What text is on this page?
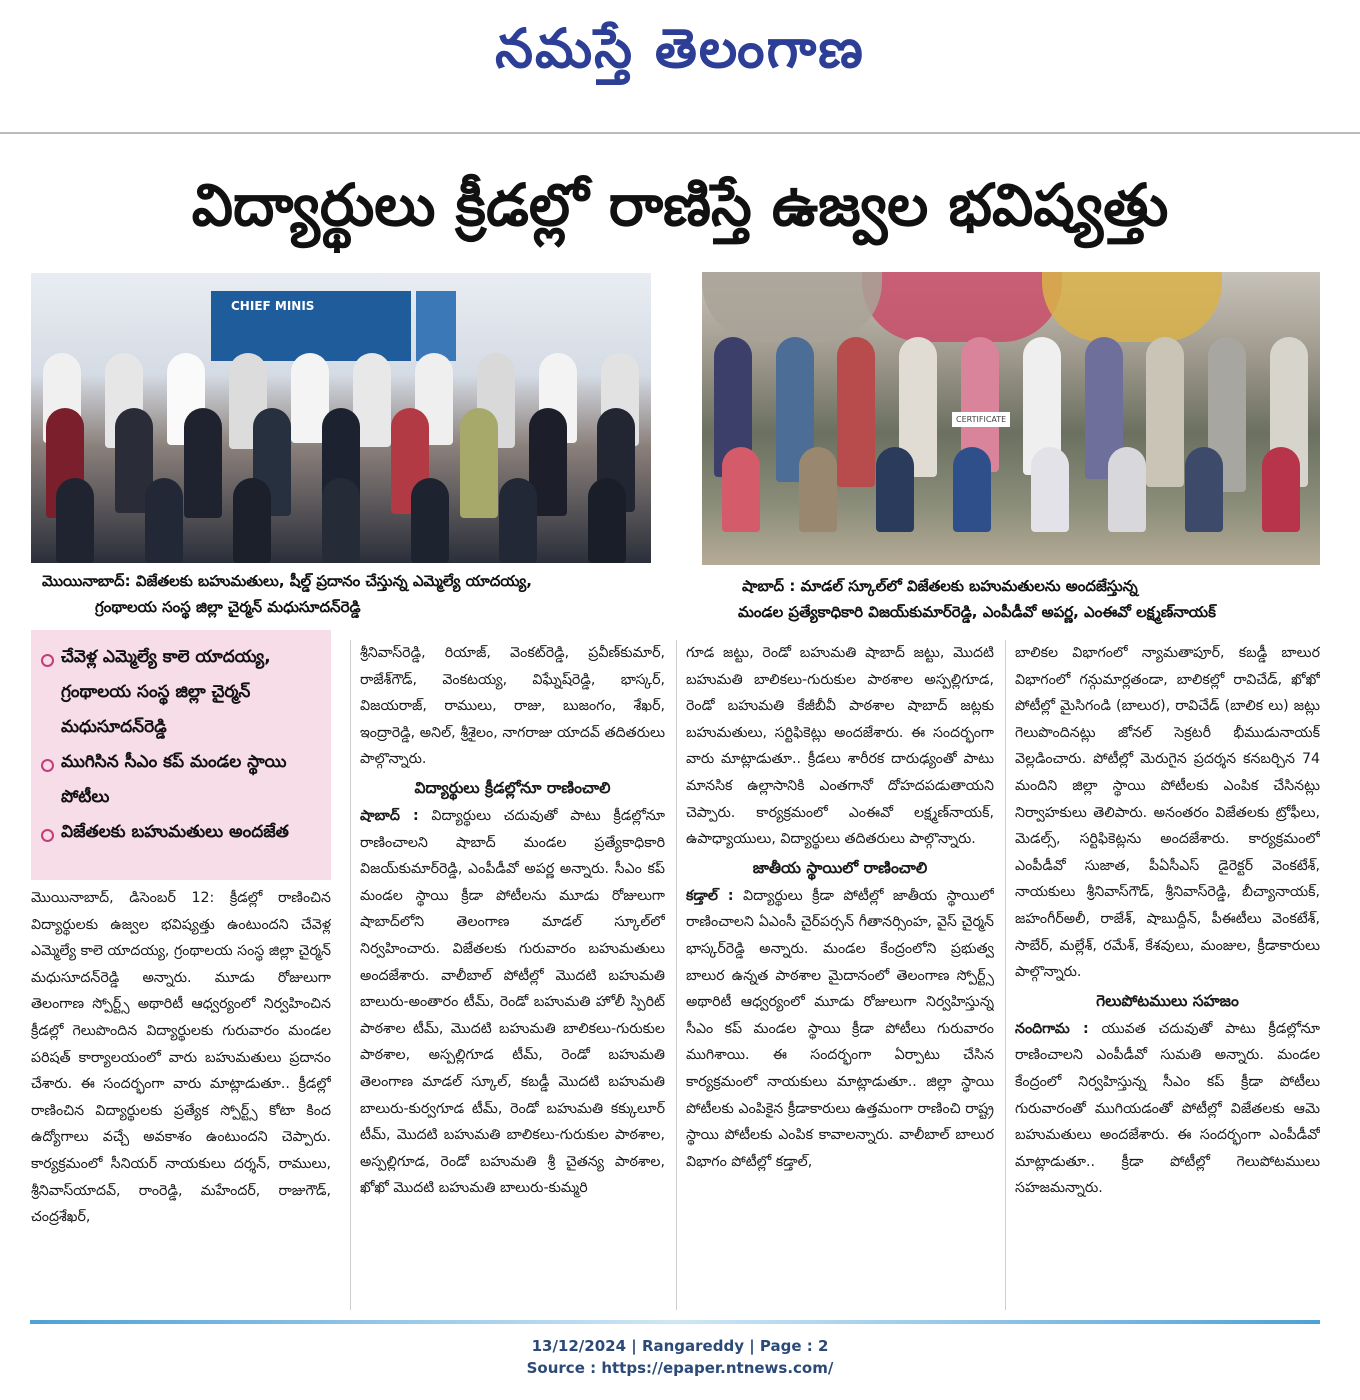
నమస్తే తెలంగాణ
విద్యార్థులు క్రీడల్లో రాణిస్తే ఉజ్వల భవిష్యత్తు
CHIEF MINIS
CERTIFICATE
మొయినాబాద్‌: విజేతలకు బహుమతులు, షీల్డ్‌ ప్రదానం చేస్తున్న ఎమ్మెల్యే యాదయ్య,
గ్రంథాలయ సంస్థ జిల్లా చైర్మన్‌ మధుసూదన్‌రెడ్డి
షాబాద్‌ : మాడల్‌ స్కూల్‌లో విజేతలకు బహుమతులను అందజేస్తున్న
మండల ప్రత్యేకాధికారి విజయ్‌కుమార్‌రెడ్డి, ఎంపీడీవో అపర్ణ, ఎంఈవో లక్ష్మణ్‌నాయక్‌
చేవెళ్ల ఎమ్మెల్యే కాలె యాదయ్య, గ్రంథాలయ సంస్థ జిల్లా చైర్మన్‌ మధుసూదన్‌రెడ్డి
ముగిసిన సీఎం కప్‌ మండల స్థాయి పోటీలు
విజేతలకు బహుమతులు అందజేత

మొయినాబాద్‌, డిసెంబర్‌ 12: క్రీడల్లో రాణించిన విద్యార్థులకు ఉజ్వల భవిష్యత్తు ఉంటుందని చేవెళ్ల ఎమ్మెల్యే కాలె యాదయ్య, గ్రంథాలయ సంస్థ జిల్లా చైర్మన్‌ మధుసూదన్‌రెడ్డి అన్నారు. మూడు రోజులుగా తెలంగాణ స్పోర్ట్స్‌ అథారిటీ ఆధ్వర్యంలో నిర్వహించిన క్రీడల్లో గెలుపొందిన విద్యార్థులకు గురువారం మండల పరిషత్‌ కార్యాలయంలో వారు బహుమతులు ప్రదానం చేశారు. ఈ సందర్భంగా వారు మాట్లాడుతూ.. క్రీడల్లో రాణించిన విద్యార్థులకు ప్రత్యేక స్పోర్ట్స్‌ కోటా కింద ఉద్యోగాలు వచ్చే అవకాశం ఉంటుందని చెప్పారు. కార్యక్రమంలో సీనియర్‌ నాయకులు దర్శన్‌, రాములు, శ్రీనివాస్‌యాదవ్‌, రాంరెడ్డి, మహేందర్‌, రాజుగౌడ్‌, చంద్రశేఖర్‌,

శ్రీనివాస్‌రెడ్డి, రియాజ్‌, వెంకట్‌రెడ్డి, ప్రవీణ్‌కుమార్‌, రాజేశ్‌గౌడ్‌, వెంకటయ్య, విఘ్నేష్‌రెడ్డి, భాస్కర్‌, విజయరాజ్‌, రాములు, రాజు, బుజంగం, శేఖర్‌, ఇంద్రారెడ్డి, అనిల్‌, శ్రీశైలం, నాగరాజు యాదవ్‌ తదితరులు పాల్గొన్నారు.

విద్యార్థులు క్రీడల్లోనూ రాణించాలి

షాబాద్‌ : విద్యార్థులు చదువుతో పాటు క్రీడల్లోనూ రాణించాలని షాబాద్‌ మండల ప్రత్యేకాధికారి విజయ్‌కుమార్‌రెడ్డి, ఎంపీడీవో అపర్ణ అన్నారు. సీఎం కప్‌ మండల స్థాయి క్రీడా పోటీలను మూడు రోజులుగా షాబాద్‌లోని తెలంగాణ మాడల్‌ స్కూల్‌లో నిర్వహించారు. విజేతలకు గురువారం బహుమతులు అందజేశారు. వాలీబాల్‌ పోటీల్లో మొదటి బహుమతి బాలురు-అంతారం టీమ్‌, రెండో బహుమతి హోలీ స్పిరిట్‌ పాఠశాల టీమ్‌, మొదటి బహుమతి బాలికలు-గురుకుల పాఠశాల, అస్పల్లిగూడ టీమ్‌, రెండో బహుమతి తెలంగాణ మాడల్‌ స్కూల్‌, కబడ్డీ మొదటి బహుమతి బాలురు-కుర్వగూడ టీమ్‌, రెండో బహుమతి కక్కులూర్‌ టీమ్‌, మొదటి బహుమతి బాలికలు-గురుకుల పాఠశాల, అస్పల్లిగూడ, రెండో బహుమతి శ్రీ చైతన్య పాఠశాల, ఖోఖో మొదటి బహుమతి బాలురు-కుమ్మరి

గూడ జట్టు, రెండో బహుమతి షాబాద్‌ జట్టు, మొదటి బహుమతి బాలికలు-గురుకుల పాఠశాల అస్పల్లిగూడ, రెండో బహుమతి కేజీబీవీ పాఠశాల షాబాద్‌ జట్లకు బహుమతులు, సర్టిఫికెట్లు అందజేశారు. ఈ సందర్భంగా వారు మాట్లాడుతూ.. క్రీడలు శారీరక దారుఢ్యంతో పాటు మానసిక ఉల్లాసానికి ఎంతగానో దోహదపడుతాయని చెప్పారు. కార్యక్రమంలో ఎంఈవో లక్ష్మణ్‌నాయక్‌, ఉపాధ్యాయులు, విద్యార్థులు తదితరులు పాల్గొన్నారు.

జాతీయ స్థాయిలో రాణించాలి

కడ్తాల్‌ : విద్యార్థులు క్రీడా పోటీల్లో జాతీయ స్థాయిలో రాణించాలని ఏఎంసీ చైర్‌పర్సన్‌ గీతానర్సింహ, వైస్‌ చైర్మన్‌ భాస్కర్‌రెడ్డి అన్నారు. మండల కేంద్రంలోని ప్రభుత్వ బాలుర ఉన్నత పాఠశాల మైదానంలో తెలంగాణ స్పోర్ట్స్‌ అథారిటీ ఆధ్వర్యంలో మూడు రోజులుగా నిర్వహిస్తున్న సీఎం కప్‌ మండల స్థాయి క్రీడా పోటీలు గురువారం ముగిశాయి. ఈ సందర్భంగా ఏర్పాటు చేసిన కార్యక్రమంలో నాయకులు మాట్లాడుతూ.. జిల్లా స్థాయి పోటీలకు ఎంపికైన క్రీడాకారులు ఉత్తమంగా రాణించి రాష్ట్ర స్థాయి పోటీలకు ఎంపిక కావాలన్నారు. వాలీబాల్‌ బాలుర విభాగం పోటీల్లో కడ్తాల్‌,

బాలికల విభాగంలో న్యామతాపూర్‌, కబడ్డీ బాలుర విభాగంలో గన్గుమార్లతండా, బాలికల్లో రావిచేడ్‌, ఖోఖో పోటీల్లో మైసిగండి (బాలుర), రావిచేడ్‌ (బాలిక లు) జట్లు గెలుపొందినట్లు జోనల్‌ సెక్రటరీ భీముడునాయక్‌ వెల్లడించారు. పోటీల్లో మెరుగైన ప్రదర్శన కనబర్చిన 74 మందిని జిల్లా స్థాయి పోటీలకు ఎంపిక చేసినట్లు నిర్వాహకులు తెలిపారు. అనంతరం విజేతలకు ట్రోఫీలు, మెడల్స్‌, సర్టిఫికెట్లను అందజేశారు. కార్యక్రమంలో ఎంపీడీవో సుజాత, పీఏసీఎస్‌ డైరెక్టర్‌ వెంకటేశ్‌, నాయకులు శ్రీనివాస్‌గౌడ్‌, శ్రీనివాస్‌రెడ్డి, బీచ్యానాయక్‌, జహంగీర్‌అలీ, రాజేశ్‌, షాబుద్దీన్‌, పీఈటీలు వెంకటేశ్‌, సాబేర్‌, మల్లేశ్‌, రమేశ్‌, కేశవులు, మంజుల, క్రీడాకారులు పాల్గొన్నారు.

గెలుపోటములు సహజం

నందిగామ : యువత చదువుతో పాటు క్రీడల్లోనూ రాణించాలని ఎంపీడీవో సుమతి అన్నారు. మండల కేంద్రంలో నిర్వహిస్తున్న సీఎం కప్‌ క్రీడా పోటీలు గురువారంతో ముగియడంతో పోటీల్లో విజేతలకు ఆమె బహుమతులు అందజేశారు. ఈ సందర్భంగా ఎంపీడీవో మాట్లాడుతూ.. క్రీడా పోటీల్లో గెలుపోటములు సహజమన్నారు.

13/12/2024 | Rangareddy | Page : 2
Source : https://epaper.ntnews.com/
